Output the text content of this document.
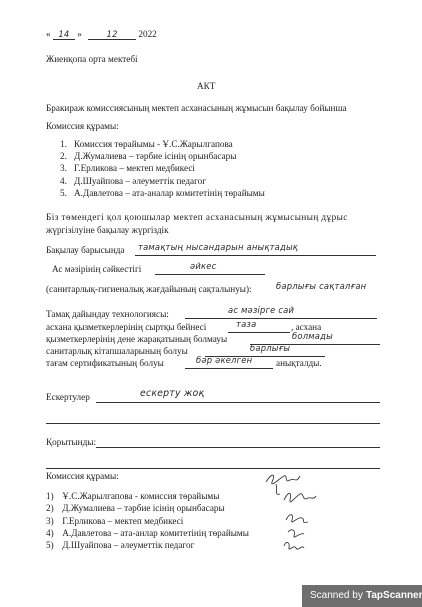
« 14 »	12 2022
Жиенқопа орта мектебі
АКТ
Бракираж комиссиясының мектеп асханасының жұмысын бақылау бойынша
Комиссия құрамы:
1. Комиссия төрайымы - Ұ.С.Жарылгапова
2. Д.Жумалиева – тәрбие ісінің орынбасары
3. Г.Ерликова – мектеп медбикесі
4. Д.Шуайпова – әлеуметтік педагог
5. А.Давлетова – ата-аналар комитетінің төрайымы
Біз төмендегі қол қоюшылар мектеп асханасының жұмысының дұрыс
жүргізілуіне бақылау жүргіздік
Бақылау барысында тамақтың нысандарын анықтадық
Ас мәзірінің сәйкестігі	әйкес
(санитарлық-гигиеналық жағдайының сақталынуы):	барлығы сақталған
Тамақ дайындау технологиясы:	ас мәзірге сай
асхана қызметкерлерінің сыртқы бейнесі	таза	, асхана
қызметкерлерінің дене жарақатының болмауы	болмады
санитарлық кітапшаларының болуы	барлығы
тағам сертификатының болуы	бәр әкелген	анықталды.
Ескертулер	ескерту жоқ
Қорытынды:
Комиссия құрамы:
1) Ұ.С.Жарылгапова - комиссия төрайымы
2) Д.Жумалиева – тәрбие ісінің орынбасары
3) Г.Ерликова – мектеп медбикесі
4) А.Давлетова – ата-анлар комитетінің төрайымы
5) Д.Шуайпова – әлеуметтік педагог
Scanned by TapScanner
